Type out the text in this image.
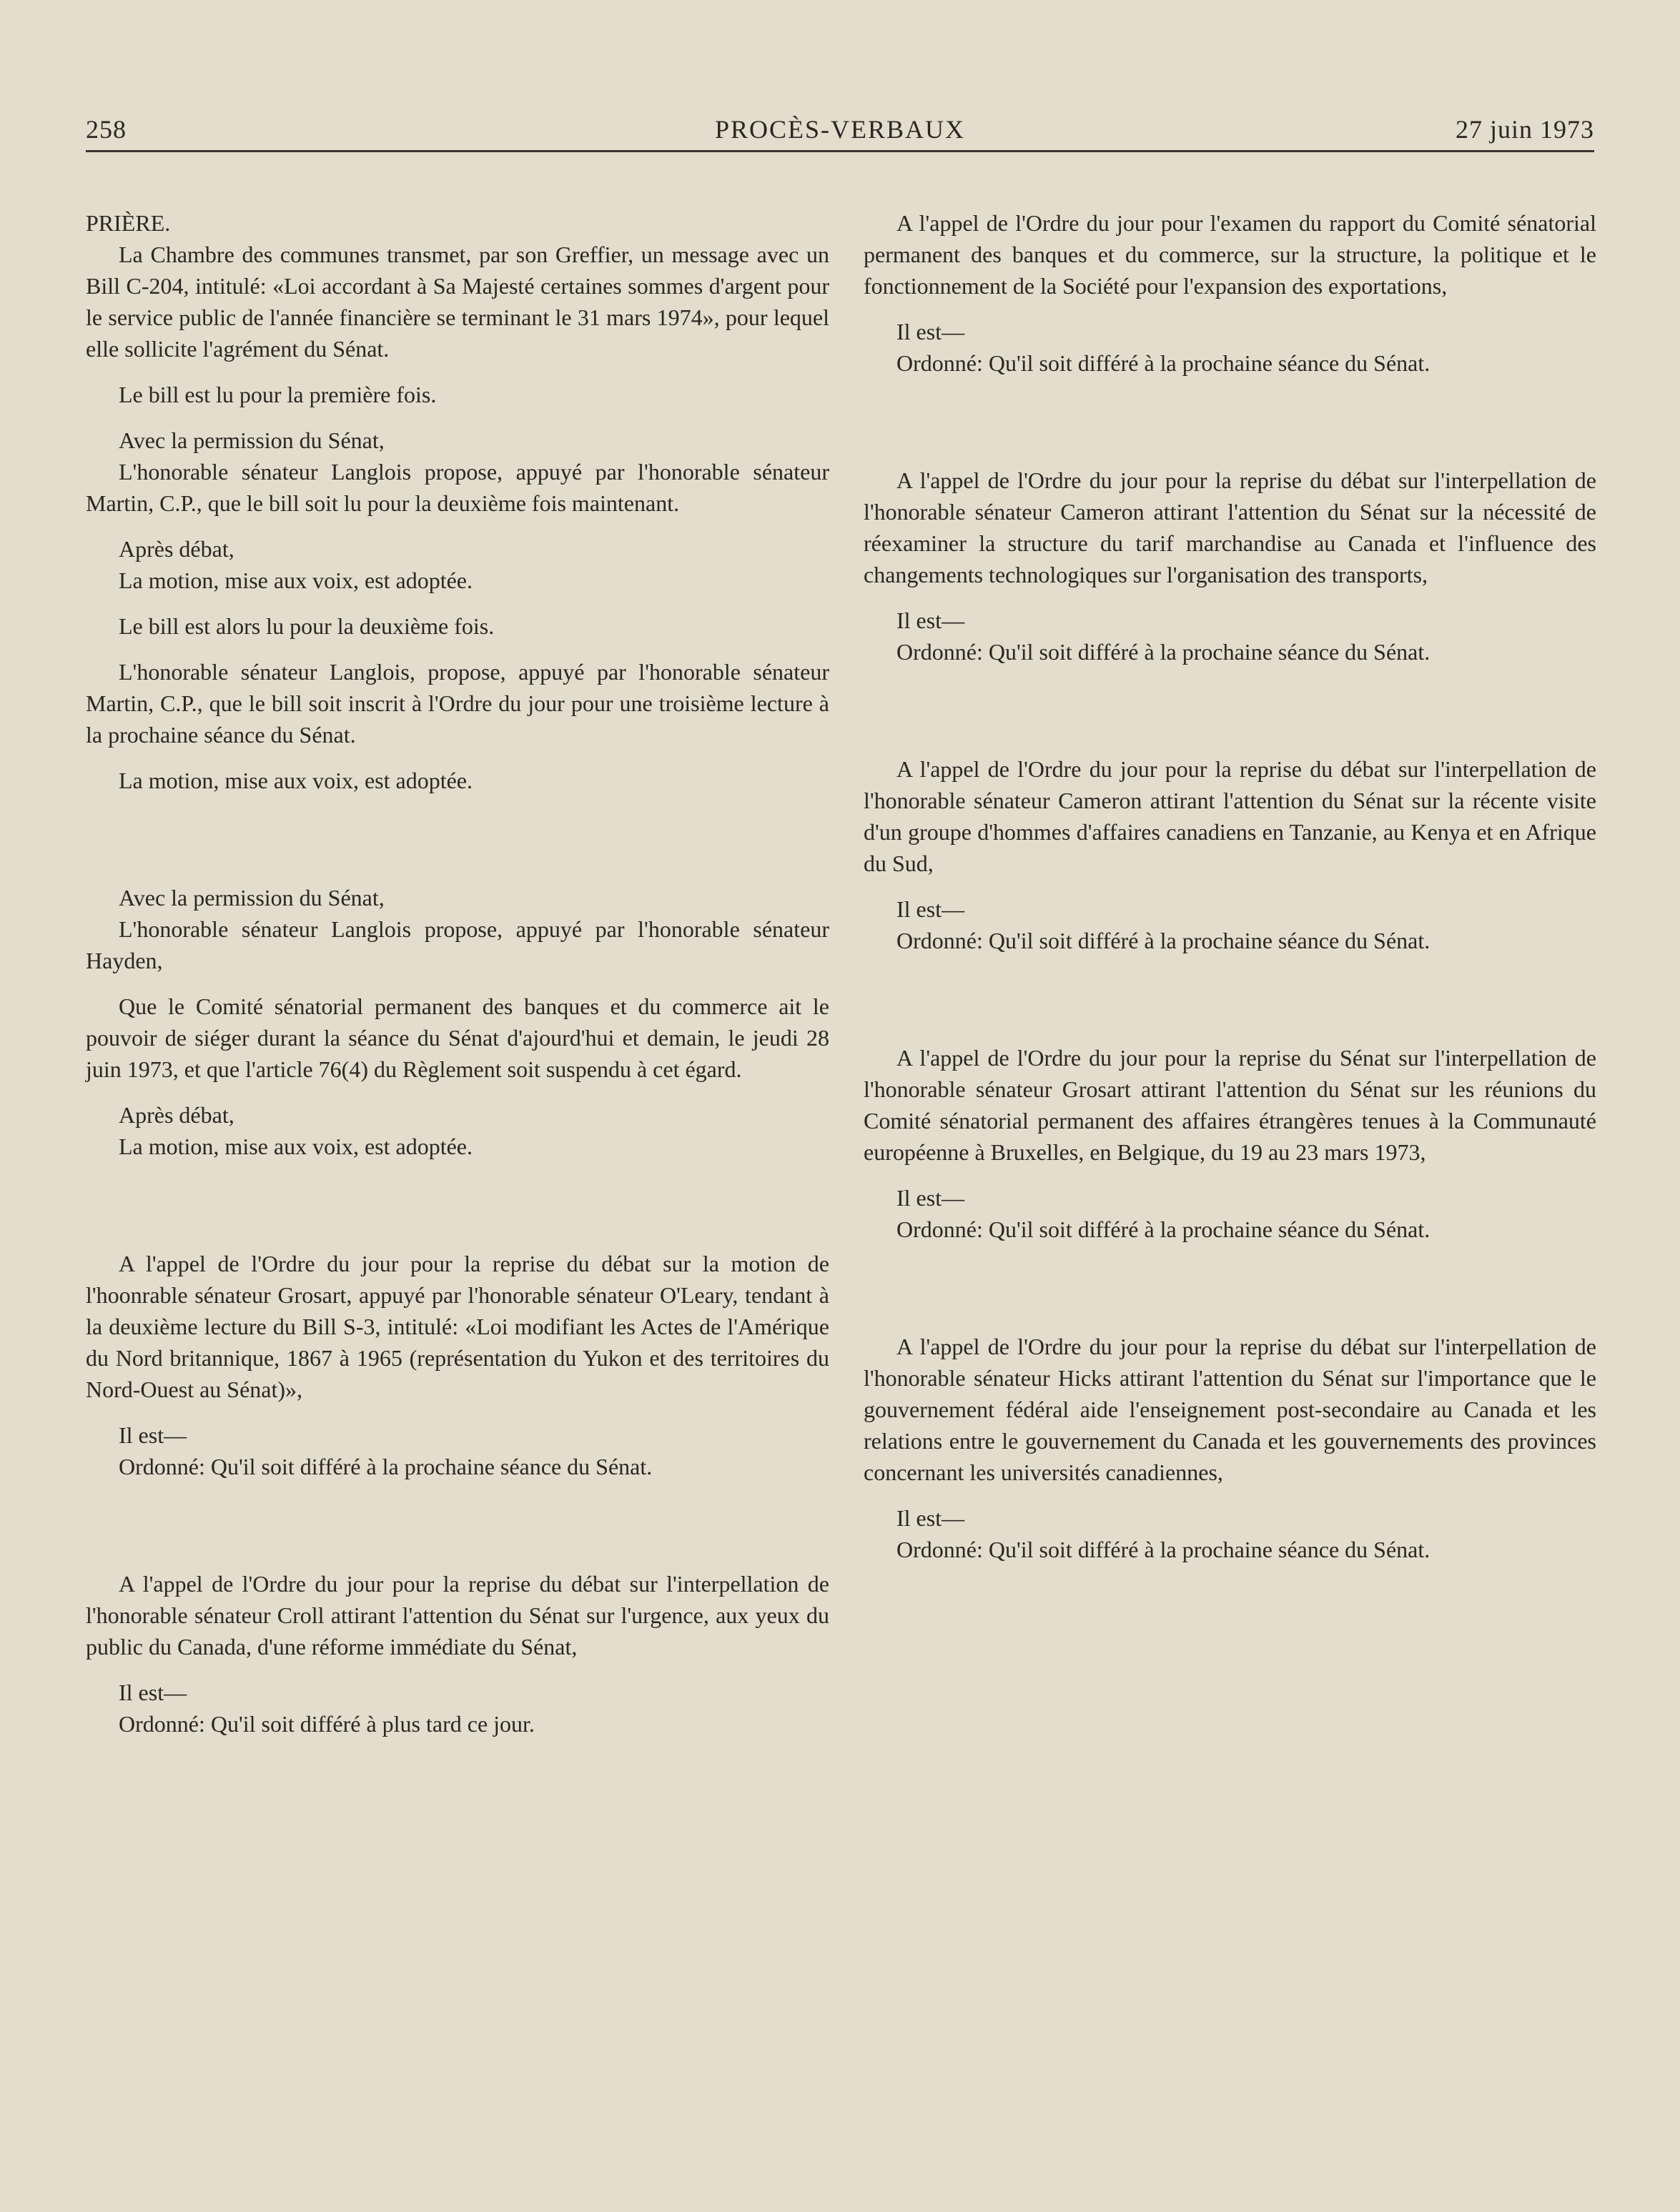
258	PROCÈS-VERBAUX	27 juin 1973

PRIÈRE.

La Chambre des communes transmet, par son Greffier, un message avec un Bill C-204, intitulé: «Loi accordant à Sa Majesté certaines sommes d'argent pour le service public de l'année financière se terminant le 31 mars 1974», pour lequel elle sollicite l'agrément du Sénat.

Le bill est lu pour la première fois.

Avec la permission du Sénat,

L'honorable sénateur Langlois propose, appuyé par l'honorable sénateur Martin, C.P., que le bill soit lu pour la deuxième fois maintenant.

Après débat,

La motion, mise aux voix, est adoptée.

Le bill est alors lu pour la deuxième fois.

L'honorable sénateur Langlois, propose, appuyé par l'honorable sénateur Martin, C.P., que le bill soit inscrit à l'Ordre du jour pour une troisième lecture à la prochaine séance du Sénat.

La motion, mise aux voix, est adoptée.

Avec la permission du Sénat,

L'honorable sénateur Langlois propose, appuyé par l'honorable sénateur Hayden,

Que le Comité sénatorial permanent des banques et du commerce ait le pouvoir de siéger durant la séance du Sénat d'ajourd'hui et demain, le jeudi 28 juin 1973, et que l'article 76(4) du Règlement soit suspendu à cet égard.

Après débat,

La motion, mise aux voix, est adoptée.

A l'appel de l'Ordre du jour pour la reprise du débat sur la motion de l'hoonrable sénateur Grosart, appuyé par l'honorable sénateur O'Leary, tendant à la deuxième lecture du Bill S-3, intitulé: «Loi modifiant les Actes de l'Amérique du Nord britannique, 1867 à 1965 (représentation du Yukon et des territoires du Nord-Ouest au Sénat)»,

Il est—

Ordonné: Qu'il soit différé à la prochaine séance du Sénat.

A l'appel de l'Ordre du jour pour la reprise du débat sur l'interpellation de l'honorable sénateur Croll attirant l'attention du Sénat sur l'urgence, aux yeux du public du Canada, d'une réforme immédiate du Sénat,

Il est—

Ordonné: Qu'il soit différé à plus tard ce jour.

A l'appel de l'Ordre du jour pour l'examen du rapport du Comité sénatorial permanent des banques et du commerce, sur la structure, la politique et le fonctionnement de la Société pour l'expansion des exportations,

Il est—

Ordonné: Qu'il soit différé à la prochaine séance du Sénat.

A l'appel de l'Ordre du jour pour la reprise du débat sur l'interpellation de l'honorable sénateur Cameron attirant l'attention du Sénat sur la nécessité de réexaminer la structure du tarif marchandise au Canada et l'influence des changements technologiques sur l'organisation des transports,

Il est—

Ordonné: Qu'il soit différé à la prochaine séance du Sénat.

A l'appel de l'Ordre du jour pour la reprise du débat sur l'interpellation de l'honorable sénateur Cameron attirant l'attention du Sénat sur la récente visite d'un groupe d'hommes d'affaires canadiens en Tanzanie, au Kenya et en Afrique du Sud,

Il est—

Ordonné: Qu'il soit différé à la prochaine séance du Sénat.

A l'appel de l'Ordre du jour pour la reprise du Sénat sur l'interpellation de l'honorable sénateur Grosart attirant l'attention du Sénat sur les réunions du Comité sénatorial permanent des affaires étrangères tenues à la Communauté européenne à Bruxelles, en Belgique, du 19 au 23 mars 1973,

Il est—

Ordonné: Qu'il soit différé à la prochaine séance du Sénat.

A l'appel de l'Ordre du jour pour la reprise du débat sur l'interpellation de l'honorable sénateur Hicks attirant l'attention du Sénat sur l'importance que le gouvernement fédéral aide l'enseignement post-secondaire au Canada et les relations entre le gouvernement du Canada et les gouvernements des provinces concernant les universités canadiennes,

Il est—

Ordonné: Qu'il soit différé à la prochaine séance du Sénat.
